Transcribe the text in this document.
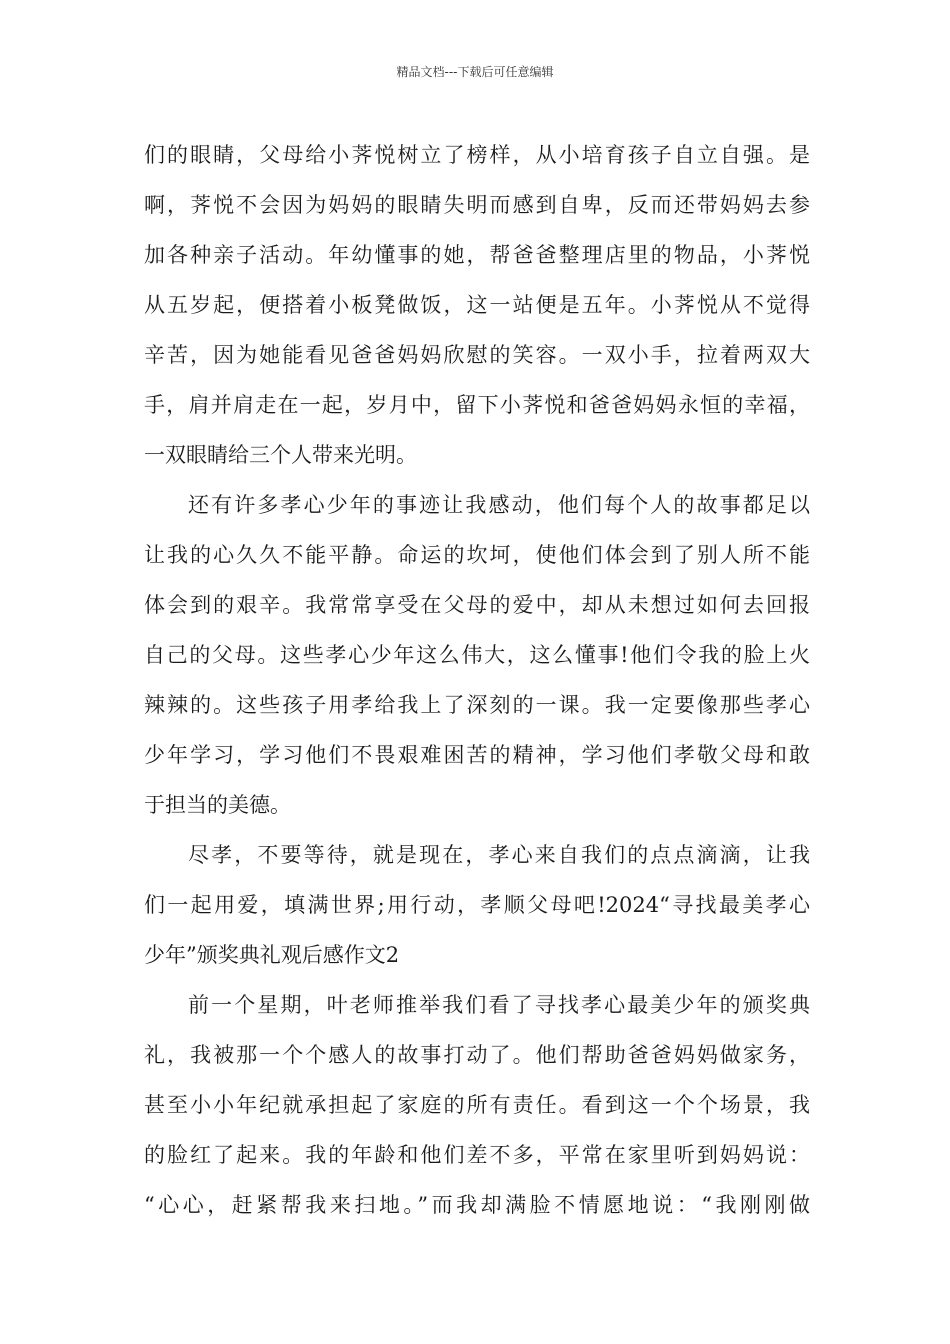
精品文档---下载后可任意编辑
们的眼睛，父母给小荠悦树立了榜样，从小培育孩子自立自强。是
啊，荠悦不会因为妈妈的眼睛失明而感到自卑，反而还带妈妈去参
加各种亲子活动。年幼懂事的她，帮爸爸整理店里的物品，小荠悦
从五岁起，便搭着小板凳做饭，这一站便是五年。小荠悦从不觉得
辛苦，因为她能看见爸爸妈妈欣慰的笑容。一双小手，拉着两双大
手，肩并肩走在一起，岁月中，留下小荠悦和爸爸妈妈永恒的幸福，
一双眼睛给三个人带来光明。
还有许多孝心少年的事迹让我感动，他们每个人的故事都足以
让我的心久久不能平静。命运的坎坷，使他们体会到了别人所不能
体会到的艰辛。我常常享受在父母的爱中，却从未想过如何去回报
自己的父母。这些孝心少年这么伟大，这么懂事!他们令我的脸上火
辣辣的。这些孩子用孝给我上了深刻的一课。我一定要像那些孝心
少年学习，学习他们不畏艰难困苦的精神，学习他们孝敬父母和敢
于担当的美德。
尽孝，不要等待，就是现在，孝心来自我们的点点滴滴，让我
们一起用爱，填满世界;用行动，孝顺父母吧!2024“寻找最美孝心
少年”颁奖典礼观后感作文2
前一个星期，叶老师推举我们看了寻找孝心最美少年的颁奖典
礼，我被那一个个感人的故事打动了。他们帮助爸爸妈妈做家务，
甚至小小年纪就承担起了家庭的所有责任。看到这一个个场景，我
的脸红了起来。我的年龄和他们差不多，平常在家里听到妈妈说：
“心心，赶紧帮我来扫地。”而我却满脸不情愿地说：“我刚刚做
